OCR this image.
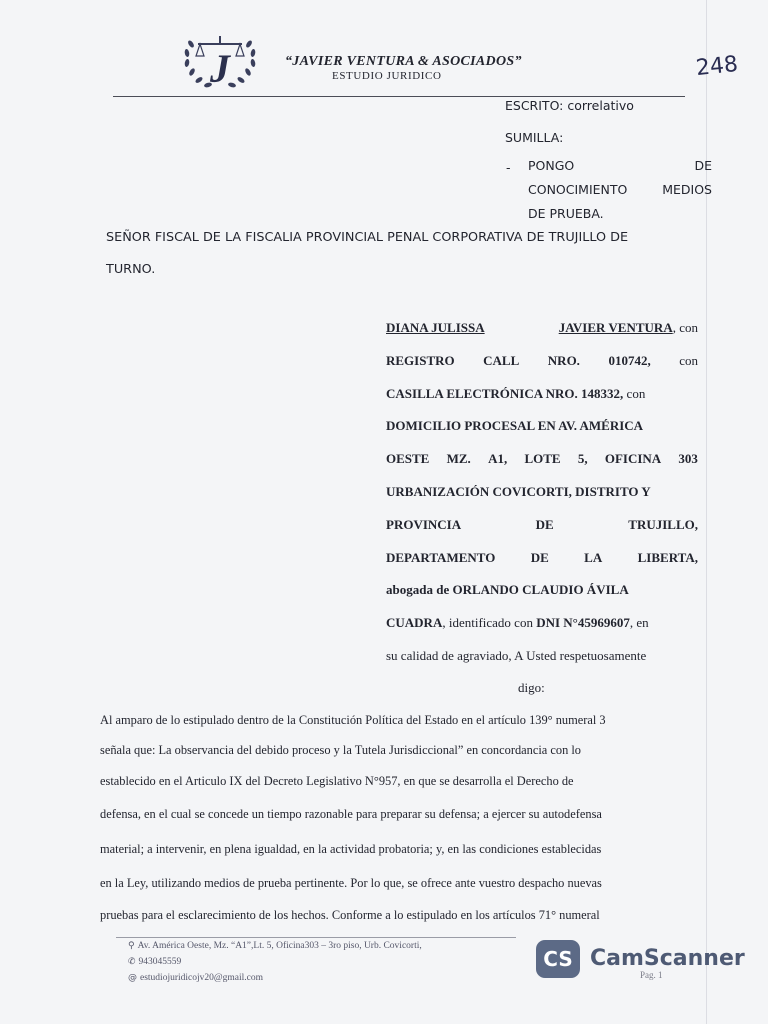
J	“JAVIER VENTURA & ASOCIADOS”
ESTUDIO JURIDICO	248
ESCRITO: correlativo
SUMILLA:
- PONGO	DE
CONOCIMIENTO	MEDIOS
DE PRUEBA.
SEÑOR FISCAL DE LA FISCALIA PROVINCIAL PENAL CORPORATIVA DE TRUJILLO DE
TURNO.
DIANA JULISSA	JAVIER VENTURA, con
REGISTRO CALL NRO. 010742, con
CASILLA ELECTRÓNICA NRO. 148332, con
DOMICILIO PROCESAL EN AV. AMÉRICA
OESTE MZ. A1, LOTE 5, OFICINA 303
URBANIZACIÓN COVICORTI, DISTRITO Y
PROVINCIA	DE	TRUJILLO,
DEPARTAMENTO	DE	LA	LIBERTA,
abogada de ORLANDO CLAUDIO ÁVILA
CUADRA , identificado con DNI N°45969607 , en
su calidad de agraviado, A Usted respetuosamente
digo:
Al amparo de lo estipulado dentro de la Constitución Política del Estado en el artículo 139° numeral 3
señala que: La observancia del debido proceso y la Tutela Jurisdiccional” en concordancia con lo
establecido en el Articulo IX del Decreto Legislativo N°957, en que se desarrolla el Derecho de
defensa, en el cual se concede un tiempo razonable para preparar su defensa; a ejercer su autodefensa
material; a intervenir, en plena igualdad, en la actividad probatoria; y, en las condiciones establecidas
en la Ley, utilizando medios de prueba pertinente. Por lo que, se ofrece ante vuestro despacho nuevas
pruebas para el esclarecimiento de los hechos. Conforme a lo estipulado en los artículos 71° numeral
⚲ Av. América Oeste, Mz. “A1”,Lt. 5, Oficina303 – 3ro piso, Urb. Covicorti,
✆ 943045559
@ estudiojuridicojv20@gmail.com
CS CamScanner
Pag. 1
